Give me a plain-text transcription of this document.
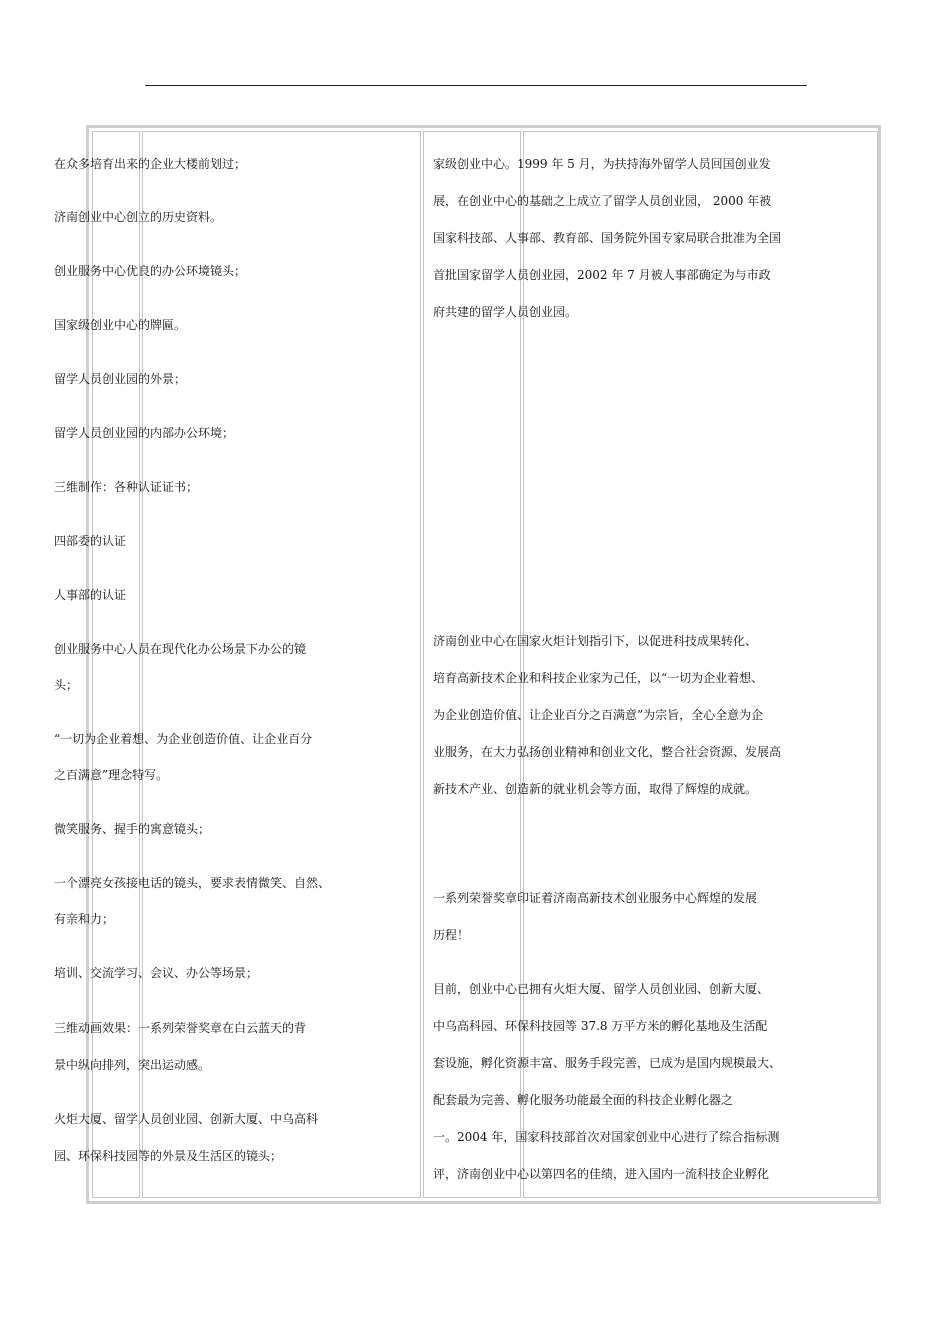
在众多培育出来的企业大楼前划过；
济南创业中心创立的历史资料。
创业服务中心优良的办公环境镜头；
国家级创业中心的牌匾。
留学人员创业园的外景；
留学人员创业园的内部办公环境；
三维制作：各种认证证书；
四部委的认证
人事部的认证
创业服务中心人员在现代化办公场景下办公的镜
头；
“一切为企业着想、为企业创造价值、让企业百分
之百满意”理念特写。
微笑服务、握手的寓意镜头；
一个漂亮女孩接电话的镜头，要求表情微笑、自然、
有亲和力；
培训、交流学习、会议、办公等场景；
三维动画效果：一系列荣誉奖章在白云蓝天的背
景中纵向排列，突出运动感。
火炬大厦、留学人员创业园、创新大厦、中乌高科
园、环保科技园等的外景及生活区的镜头；
家级创业中心。1999 年 5 月，为扶持海外留学人员回国创业发
展，在创业中心的基础之上成立了留学人员创业园， 2000 年被
国家科技部、人事部、教育部、国务院外国专家局联合批准为全国
首批国家留学人员创业园，2002 年 7 月被人事部确定为与市政
府共建的留学人员创业园。
济南创业中心在国家火炬计划指引下，以促进科技成果转化、
培育高新技术企业和科技企业家为己任，以“一切为企业着想、
为企业创造价值、让企业百分之百满意”为宗旨，全心全意为企
业服务，在大力弘扬创业精神和创业文化，整合社会资源、发展高
新技术产业、创造新的就业机会等方面，取得了辉煌的成就。
一系列荣誉奖章印证着济南高新技术创业服务中心辉煌的发展
历程！
目前，创业中心已拥有火炬大厦、留学人员创业园、创新大厦、
中乌高科园、环保科技园等 37.8 万平方米的孵化基地及生活配
套设施，孵化资源丰富、服务手段完善，已成为是国内规模最大、
配套最为完善、孵化服务功能最全面的科技企业孵化器之
一。2004 年，国家科技部首次对国家创业中心进行了综合指标测
评，济南创业中心以第四名的佳绩，进入国内一流科技企业孵化
